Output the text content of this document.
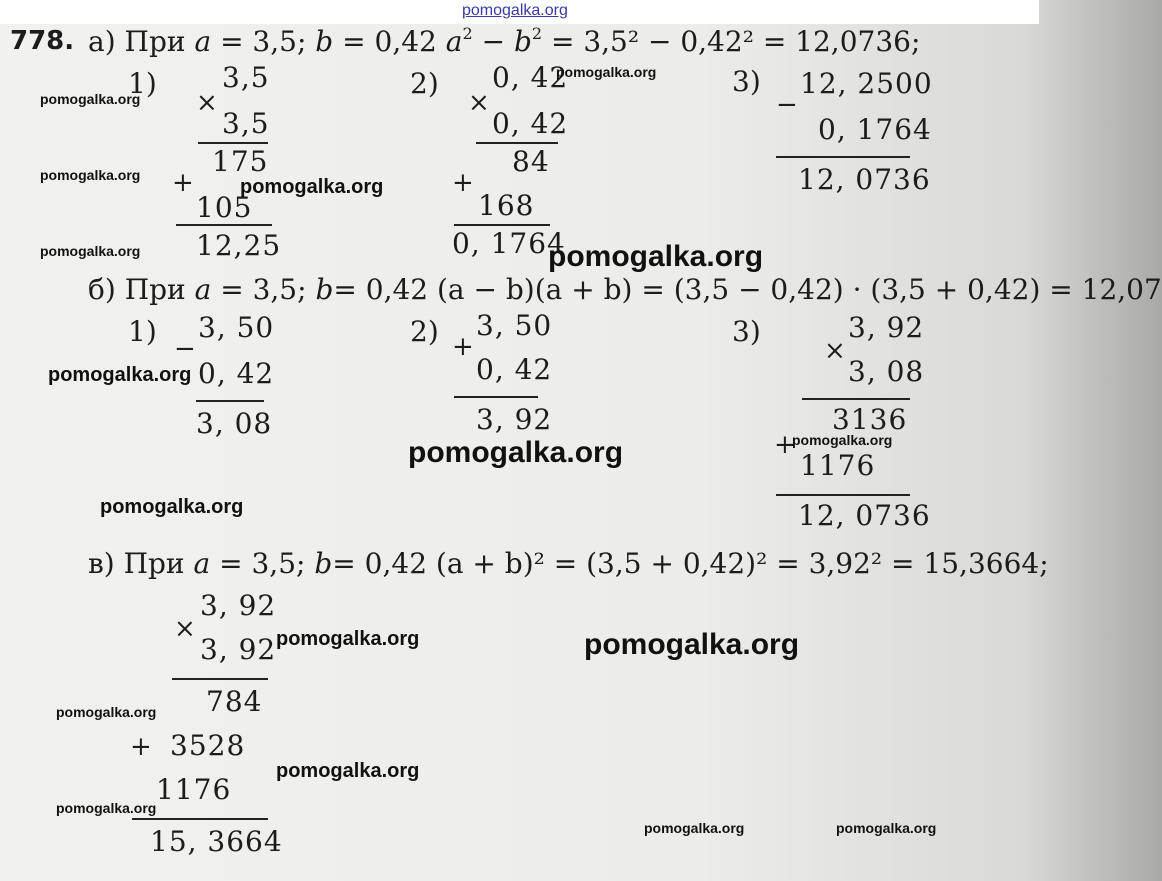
pomogalka.org
778. а) При a = 3,5; b = 0,42 $a^2 - b^2 = 3,5^2 - 0,42^2 = 12,0736$;
1) 3,5
×
3,5
175
+
105
12,25
2) 0, 42
×
0, 42
84
+
168
0, 1764
3)
−
12, 2500
0, 1764
12, 0736
б) При a = 3,5; b= 0,42 (a − b)(a + b) = (3,5 − 0,42) · (3,5 + 0,42) = 12,07
1) 3, 50
−
0, 42
3, 08
2) 3, 50
+
0, 42
3, 92
3)	3, 92
×
3, 08
3136
+
1176
12, 0736
в) При a = 3,5; b= 0,42 (a + b)² = (3,5 + 0,42)² = 3,92² = 15,3664;
3, 92
×
3, 92
784
+ 3528
1176
15, 3664
pomogalka.org
pomogalka.org
pomogalka.org
pomogalka.org
pomogalka.org
pomogalka.org
pomogalka.org
pomogalka.org	pomogalka.org
pomogalka.org
pomogalka.org	pomogalka.org
pomogalka.org
pomogalka.org
pomogalka.org
pomogalka.org	pomogalka.org
